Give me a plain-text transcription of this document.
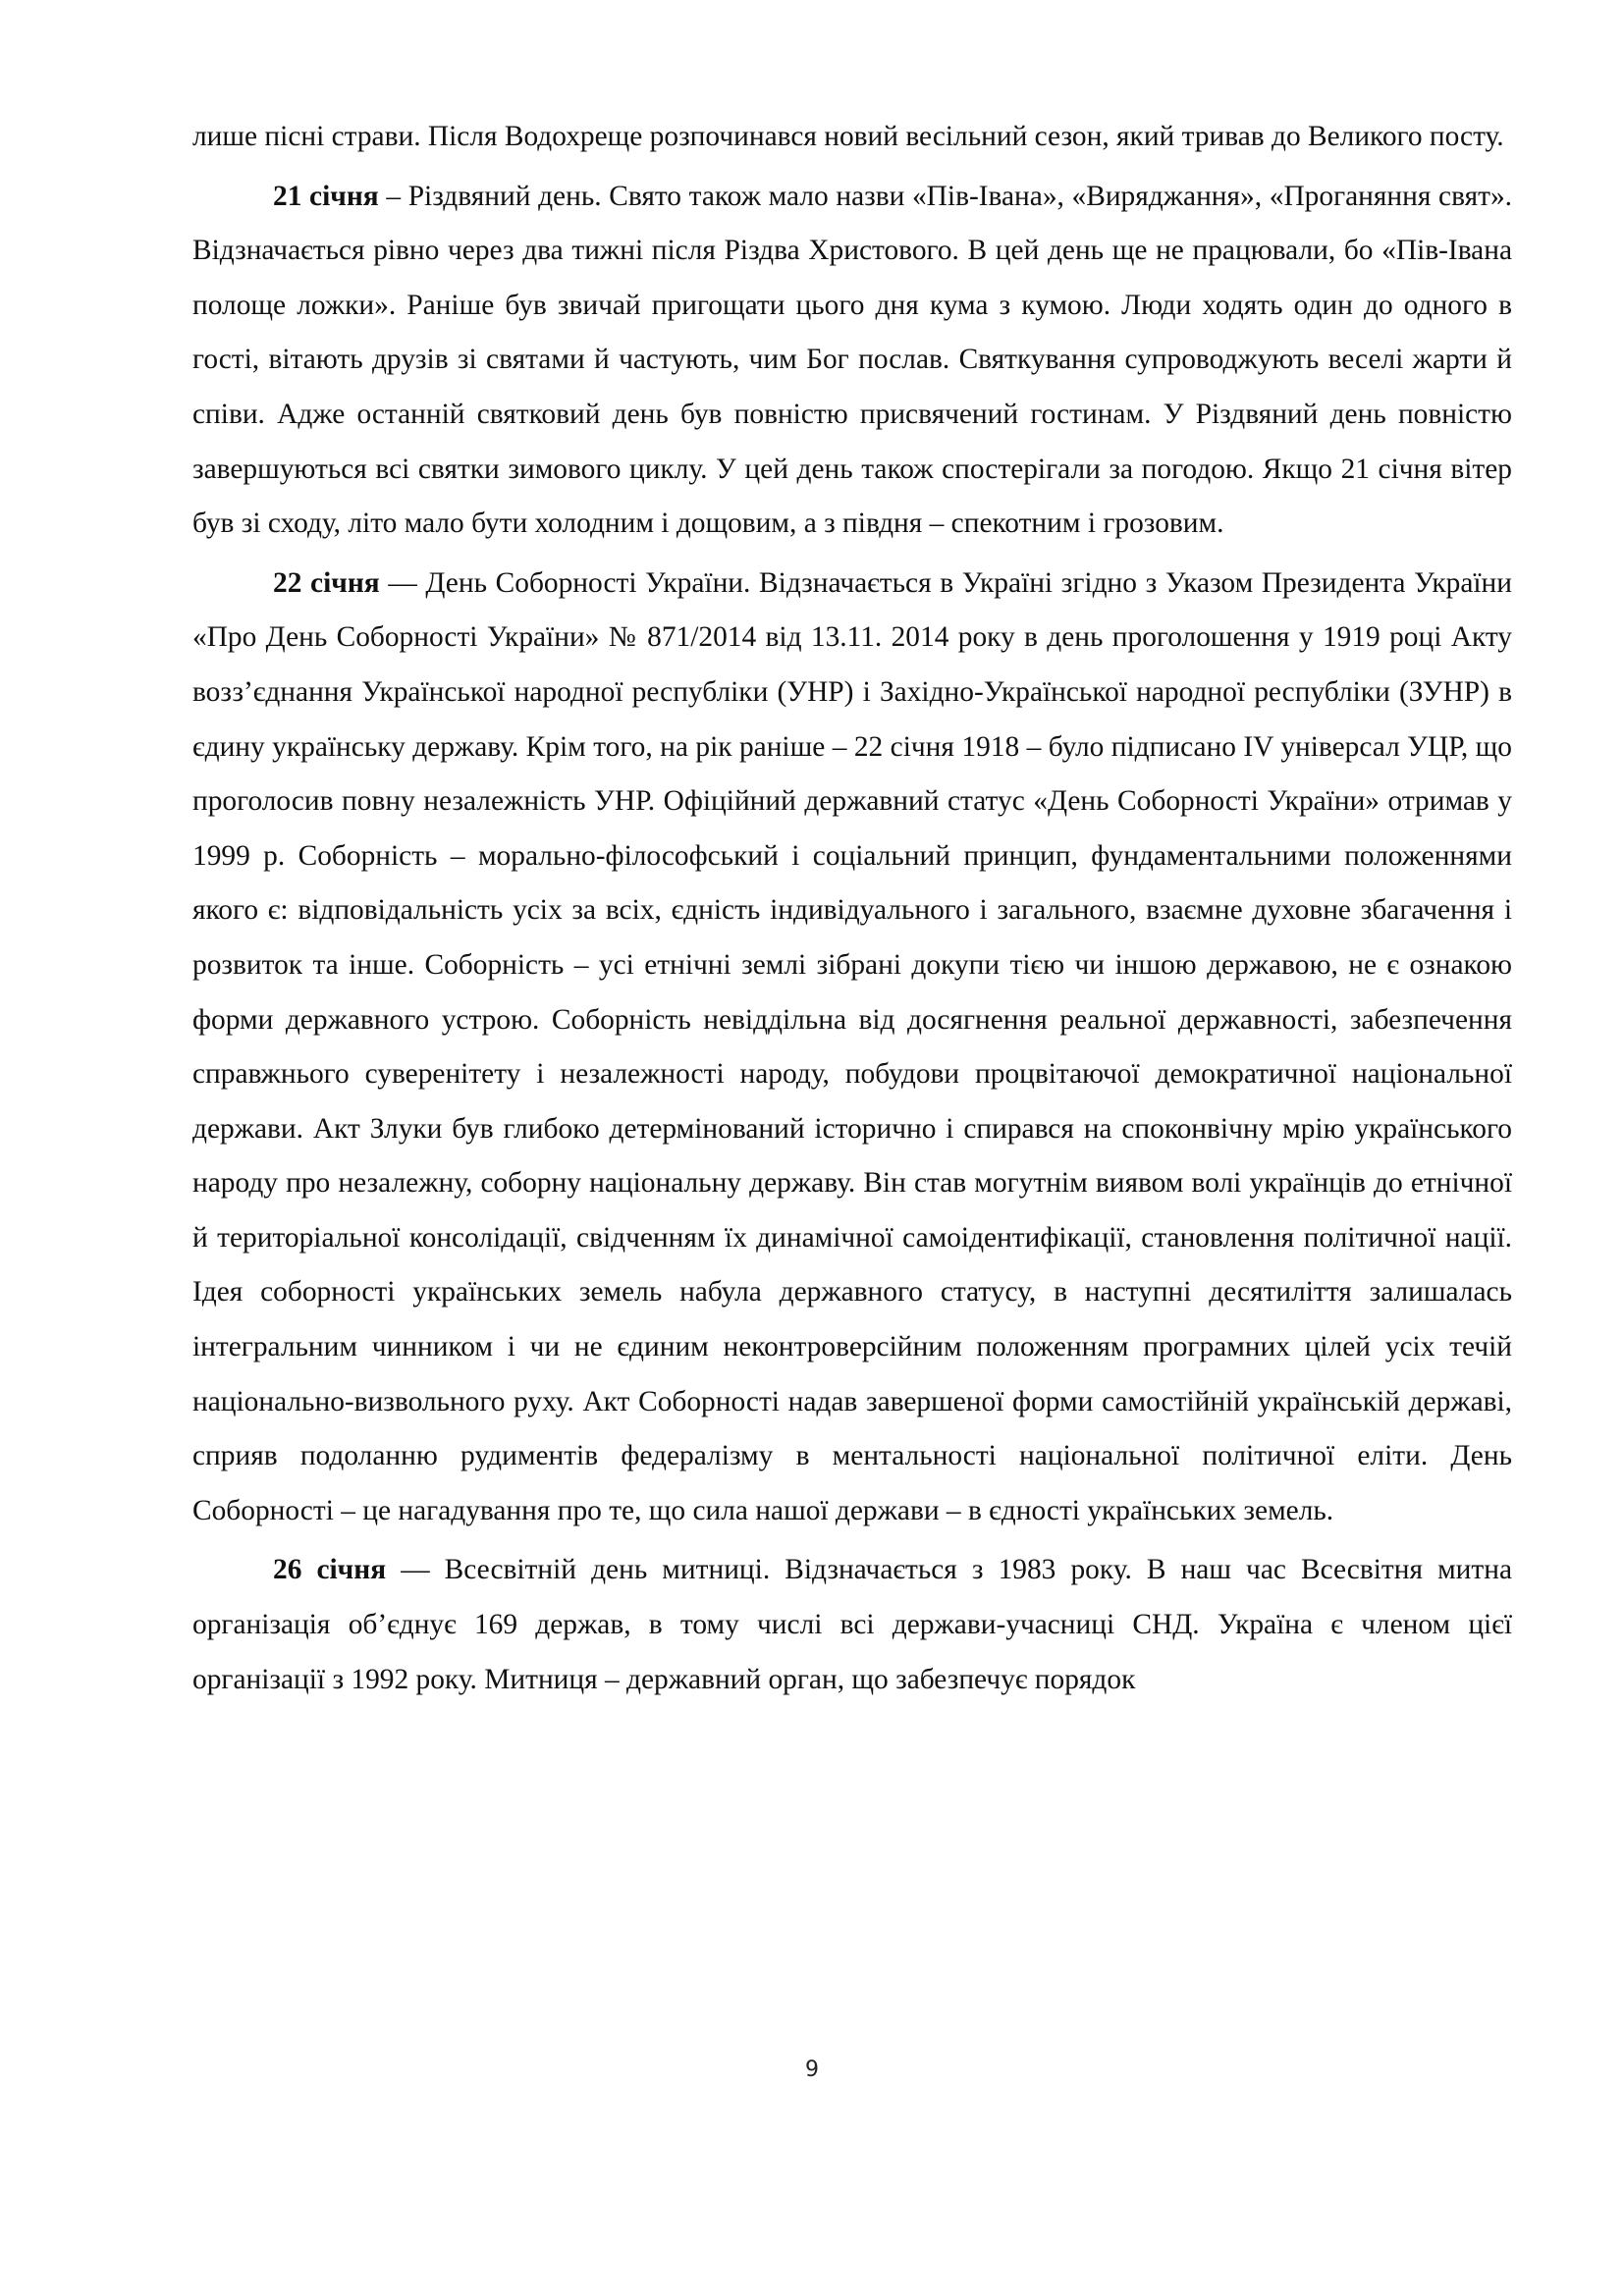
лише пісні страви. Після Водохреще розпочинався новий весільний сезон, який тривав до Великого посту.

21 січня – Різдвяний день. Свято також мало назви «Пів-Івана», «Виряджання», «Проганяння свят». Відзначається рівно через два тижні після Різдва Христового. В цей день ще не працювали, бо «Пів-Івана полоще ложки». Раніше був звичай пригощати цього дня кума з кумою. Люди ходять один до одного в гості, вітають друзів зі святами й частують, чим Бог послав. Святкування супроводжують веселі жарти й співи. Адже останній святковий день був повністю присвячений гостинам. У Різдвяний день повністю завершуються всі святки зимового циклу. У цей день також спостерігали за погодою. Якщо 21 січня вітер був зі сходу, літо мало бути холодним і дощовим, а з півдня – спекотним і грозовим.

22 січня — День Соборності України. Відзначається в Україні згідно з Указом Президента України «Про День Соборності України» № 871/2014 від 13.11. 2014 року в день проголошення у 1919 році Акту возз’єднання Української народної республіки (УНР) і Західно-Української народної республіки (ЗУНР) в єдину українську державу. Крім того, на рік раніше – 22 січня 1918 – було підписано IV універсал УЦР, що проголосив повну незалежність УНР. Офіційний державний статус «День Соборності України» отримав у 1999 р. Соборність – морально-філософський і соціальний принцип, фундаментальними положеннями якого є: відповідальність усіх за всіх, єдність індивідуального і загального, взаємне духовне збагачення і розвиток та інше. Соборність – усі етнічні землі зібрані докупи тією чи іншою державою, не є ознакою форми державного устрою. Соборність невіддільна від досягнення реальної державності, забезпечення справжнього суверенітету і незалежності народу, побудови процвітаючої демократичної національної держави. Акт Злуки був глибоко детермінований історично і спирався на споконвічну мрію українського народу про незалежну, соборну національну державу. Він став могутнім виявом волі українців до етнічної й територіальної консолідації, свідченням їх динамічної самоідентифікації, становлення політичної нації. Ідея соборності українських земель набула державного статусу, в наступні десятиліття залишалась інтегральним чинником і чи не єдиним неконтроверсійним положенням програмних цілей усіх течій національно-визвольного руху. Акт Соборності надав завершеної форми самостійній українській державі, сприяв подоланню рудиментів федералізму в ментальності національної політичної еліти. День Соборності – це нагадування про те, що сила нашої держави – в єдності українських земель.

26 січня — Всесвітній день митниці. Відзначається з 1983 року. В наш час Всесвітня митна організація об’єднує 169 держав, в тому числі всі держави-учасниці СНД. Україна є членом цієї організації з 1992 року. Митниця – державний орган, що забезпечує порядок

9
